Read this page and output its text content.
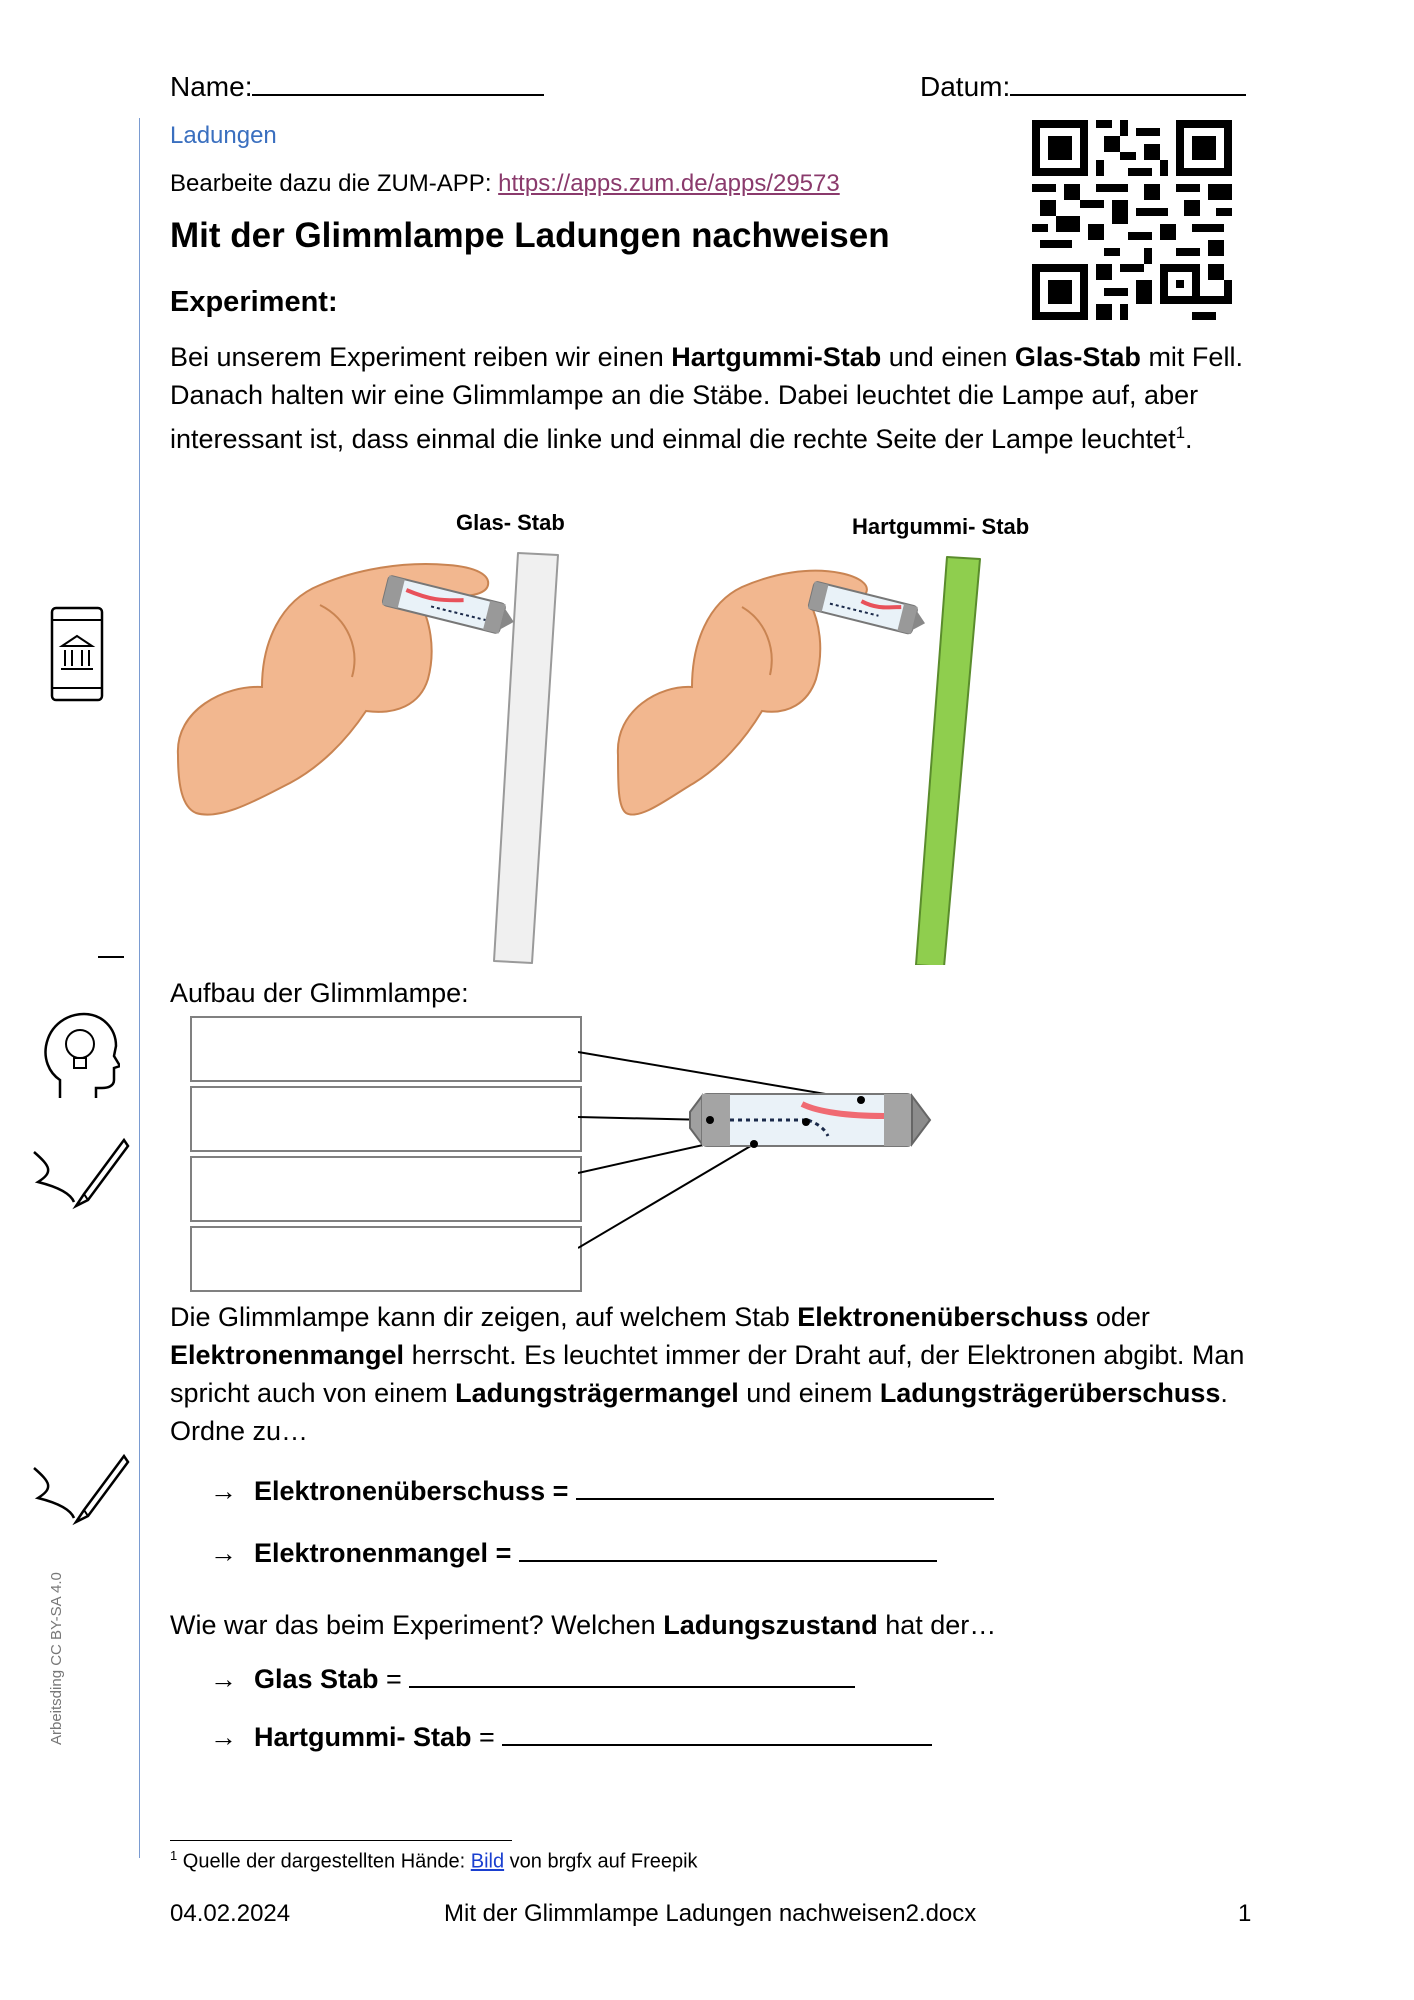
Name:	Datum:
Ladungen
Bearbeite dazu die ZUM-APP: https://apps.zum.de/apps/29573
Mit der Glimmlampe Ladungen nachweisen
Experiment:
Bei unserem Experiment reiben wir einen Hartgummi-Stab und einen Glas-Stab mit Fell. Danach halten wir eine Glimmlampe an die Stäbe. Dabei leuchtet die Lampe auf, aber interessant ist, dass einmal die linke und einmal die rechte Seite der Lampe leuchtet$^1$.
Glas- Stab	Hartgummi- Stab
Aufbau der Glimmlampe:
Die Glimmlampe kann dir zeigen, auf welchem Stab Elektronenüberschuss oder Elektronenmangel herrscht. Es leuchtet immer der Draht auf, der Elektronen abgibt. Man spricht auch von einem Ladungsträgermangel und einem Ladungsträgerüberschuss. Ordne zu…
→ Elektronenüberschuss =
→ Elektronenmangel =
Wie war das beim Experiment? Welchen Ladungszustand hat der…
→ Glas Stab =
→ Hartgummi- Stab =
Arbeitsding CC BY-SA 4.0
$^1$ Quelle der dargestellten Hände: Bild von brgfx auf Freepik
04.02.2024	Mit der Glimmlampe Ladungen nachweisen2.docx	1
